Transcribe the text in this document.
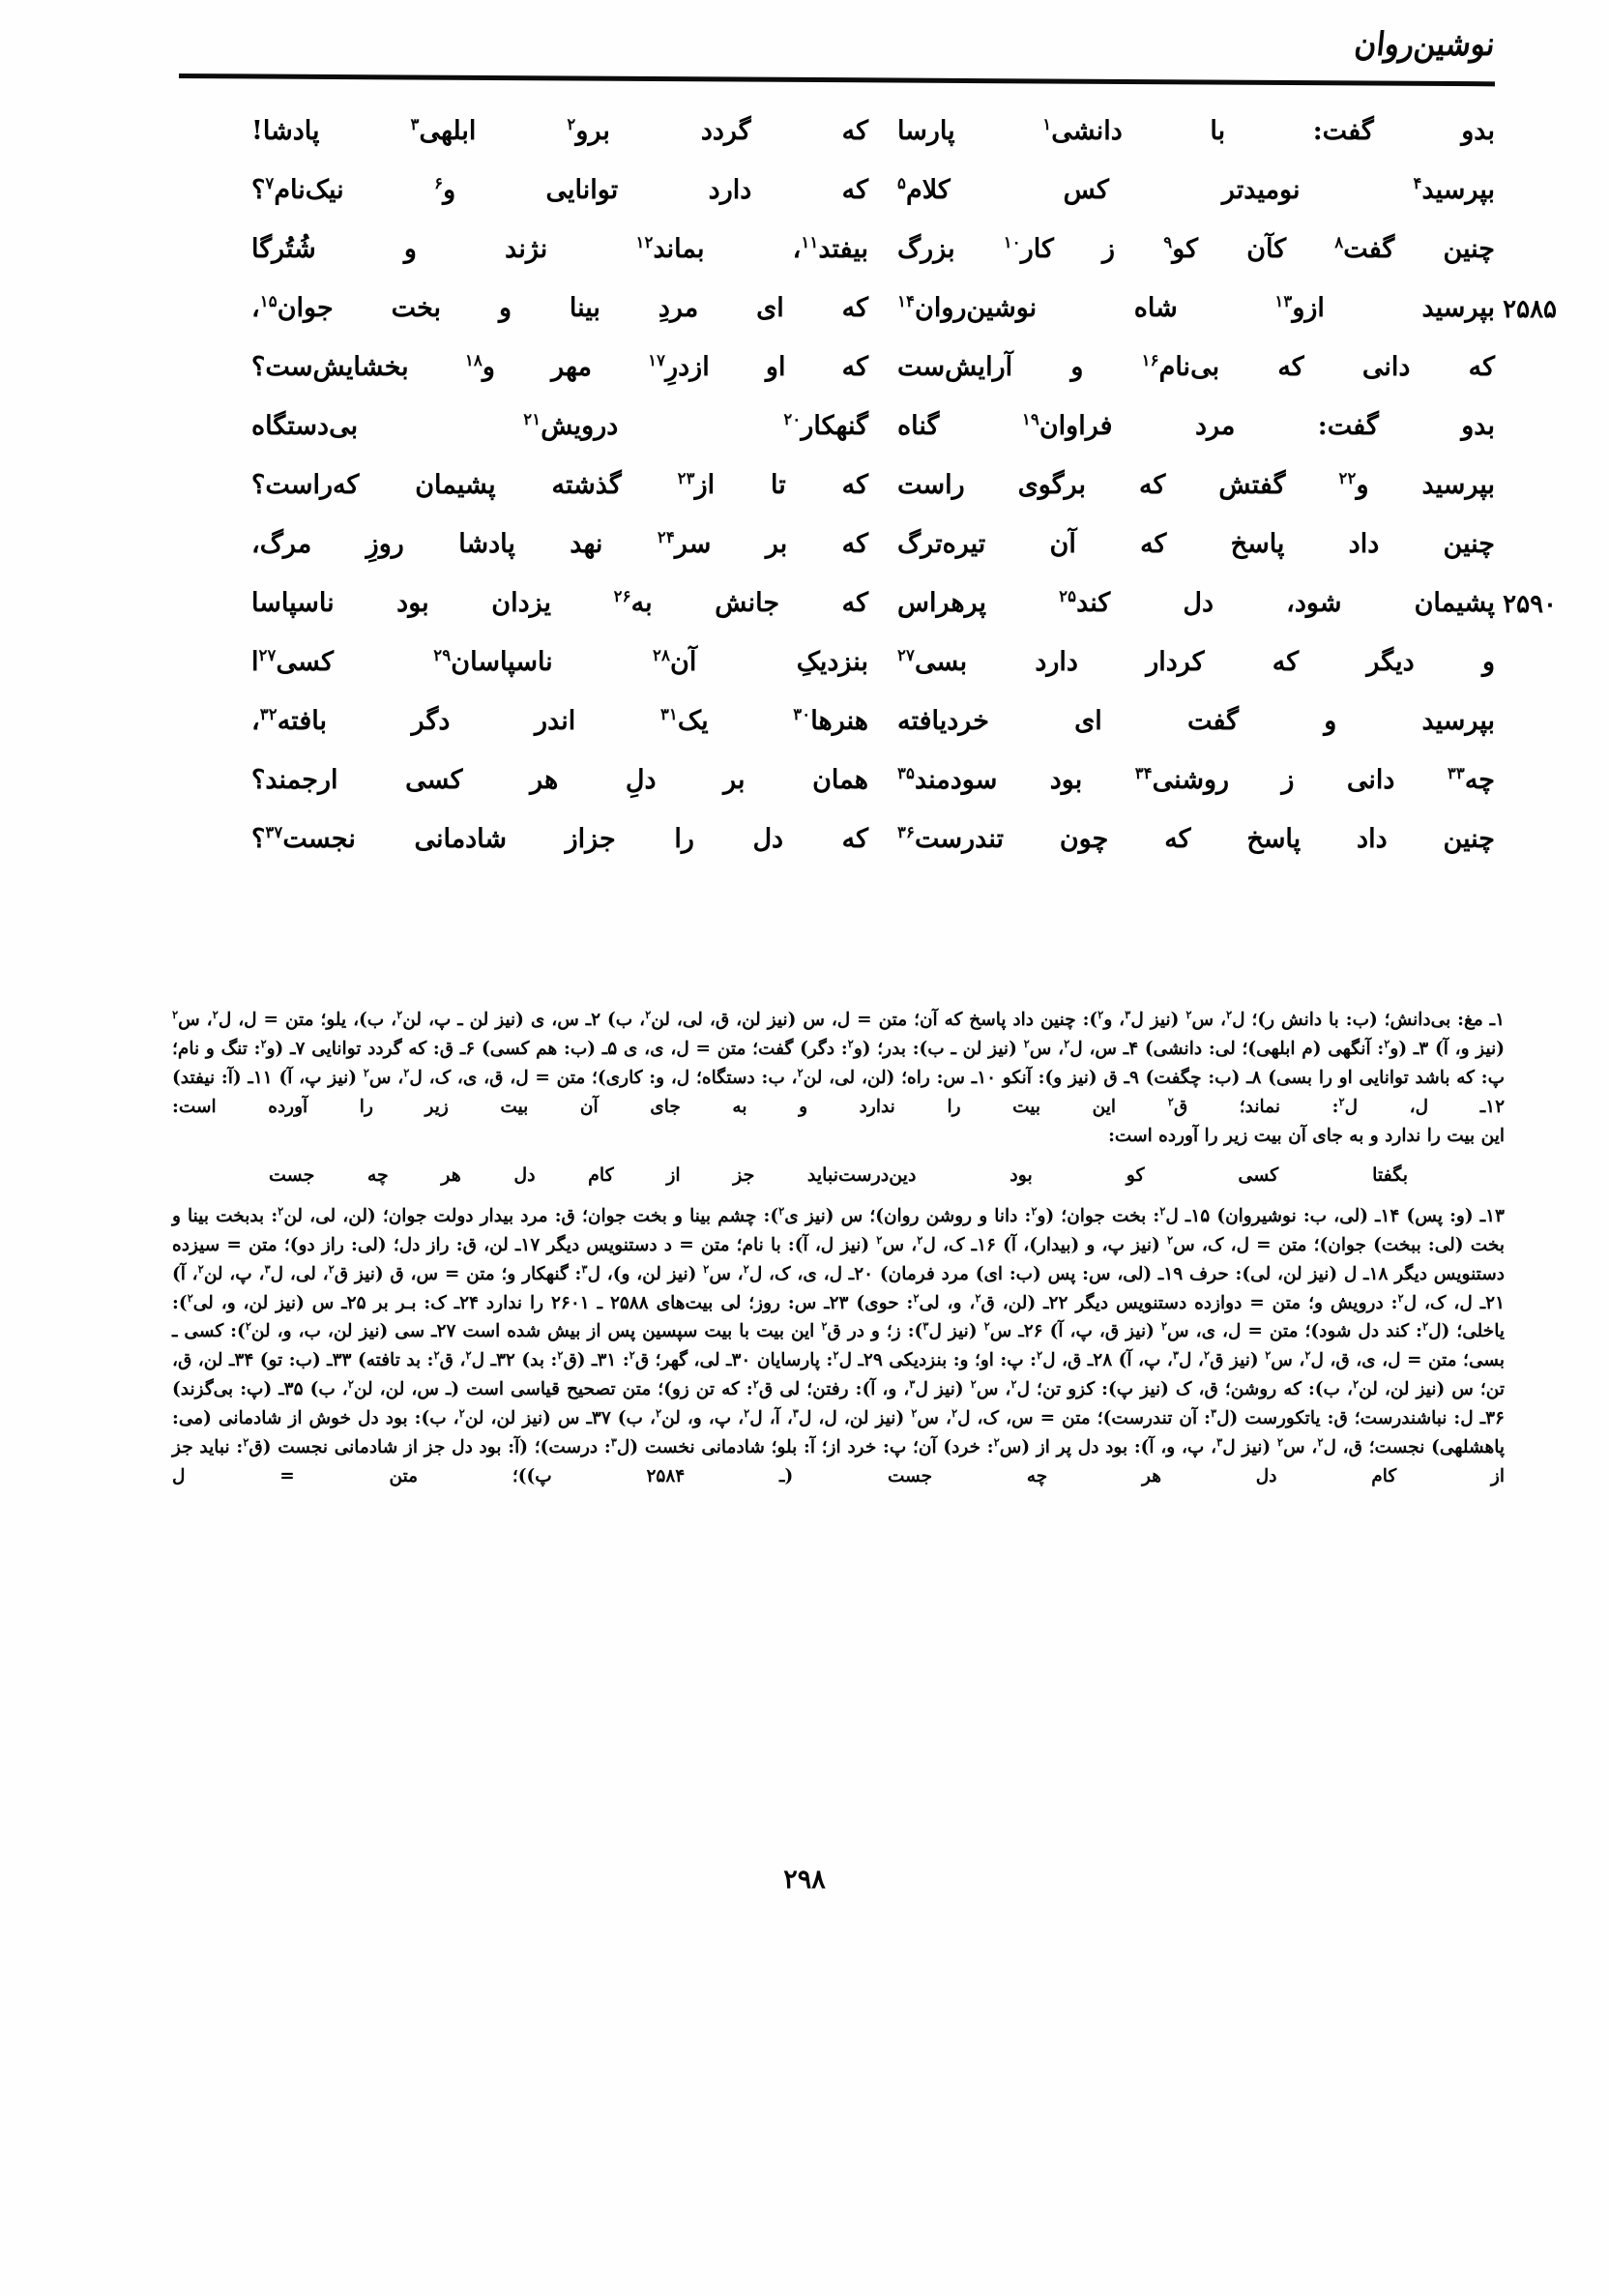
نوشین‌روان
بدو گفت: با دانشی$^۱$ پارسا
که گردد برو$^۲$ ابلهی$^۳$ پادشا!
بپرسید$^۴$ نومیدتر کس کلام$^۵$
که دارد توانایی و$^۶$ نیک‌نام$^۷$؟
چنین گفت$^۸$ کآن کو$^۹$ ز کار$^{۱۰}$ بزرگ
بیفتد$^{۱۱}$، بماند$^{۱۲}$ نژند و شُتُرگا
بپرسید ازو$^{۱۳}$ شاه نوشین‌روان$^{۱۴}$	۲۵۸۵
که ای مردِ بینا و بخت جوان$^{۱۵}$،
که دانی که بی‌نام$^{۱۶}$ و آرایش‌ست
که او ازدرِ$^{۱۷}$ مهر و$^{۱۸}$ بخشایش‌ست؟
بدو گفت: مرد فراوان$^{۱۹}$ گناه
گنهکار$^{۲۰}$ درویش$^{۲۱}$ بی‌دستگاه
بپرسید و$^{۲۲}$ گفتش که برگوی راست
که تا از$^{۲۳}$ گذشته پشیمان که‌راست؟
چنین داد پاسخ که آن تیره‌ترگ
که بر سر$^{۲۴}$ نهد پادشا روزِ مرگ،
پشیمان شود، دل کند$^{۲۵}$ پرهراس	۲۵۹۰
که جانش به$^{۲۶}$ یزدان بود ناسپاسا
و دیگر که کردار دارد بسی$^{۲۷}$
بنزدیکِ آن$^{۲۸}$ ناسپاسان$^{۲۹}$ کسی$^{۲۷}$ا
بپرسید و گفت ای خردیافته
هنرها$^{۳۰}$ یک$^{۳۱}$ اندر دگر بافته$^{۳۲}$،
چه$^{۳۳}$ دانی ز روشنی$^{۳۴}$ بود سودمند$^{۳۵}$
همان بر دلِ هر کسی ارجمند؟
چنین داد پاسخ که چون تندرست$^{۳۶}$
که دل را جزاز شادمانی نجست$^{۳۷}$؟
۱ـ مغ: بی‌دانش؛ (ب: با دانش ر)؛ ل$^۲$، س$^۲$ (نیز ل$^۳$، و$^۲$): چنین داد پاسخ که آن؛ متن = ل، س (نیز لن، ق، لی، لن$^۲$، ب) ۲ـ س، ی (نیز لن ـ پ، لن$^۲$، ب)، یلو؛ متن = ل، ل$^۲$، س$^۲$ (نیز و، آ) ۳ـ (و$^۲$: آنگهی (م ابلهی)؛ لی: دانشی) ۴ـ س، ل$^۲$، س$^۲$ (نیز لن ـ ب): بدر؛ (و$^۲$: دگر) گفت؛ متن = ل، ی، ی ۵ـ (ب: هم کسی) ۶ـ ق: که گردد توانایی ۷ـ (و$^۲$: تنگ و نام؛ پ: که باشد توانایی او را بسی) ۸ـ (ب: چگفت) ۹ـ ق (نیز و): آنکو ۱۰ـ س: راه؛ (لن، لی، لن$^۲$، ب: دستگاه؛ ل، و: کاری)؛ متن = ل، ق، ی، ک، ل$^۲$، س$^۲$ (نیز پ، آ) ۱۱ـ (آ: نیفتد) ۱۲ـ ل، ل$^۲$: نماند؛ ق$^۲$ این بیت را ندارد و به جای آن بیت زیر را آورده است:
این بیت را ندارد و به جای آن بیت زیر را آورده است:
بگفتا کسی کو بود دین‌درست
نباید جز از کام دل هر چه جست
۱۳ـ (و: پس) ۱۴ـ (لی، ب: نوشیروان) ۱۵ـ ل$^۲$: بخت جوان؛ (و$^۲$: دانا و روشن روان)؛ س (نیز ی$^۲$): چشم بینا و بخت جوان؛ ق: مرد بیدار دولت جوان؛ (لن، لی، لن$^۲$: بدبخت بینا و بخت (لی: ببخت) جوان)؛ متن = ل، ک، س$^۲$ (نیز پ، و (بیدار)، آ) ۱۶ـ ک، ل$^۲$، س$^۲$ (نیز ل، آ): با نام؛ متن = د دستنویس دیگر ۱۷ـ لن، ق: راز دل؛ (لی: راز دو)؛ متن = سیزده دستنویس دیگر ۱۸ـ ل (نیز لن، لی): حرف ۱۹ـ (لی، س: پس (ب: ای) مرد فرمان) ۲۰ـ ل، ی، ک، ل$^۲$، س$^۲$ (نیز لن، و)، ل$^۳$: گنهکار و؛ متن = س، ق (نیز ق$^۲$، لی، ل$^۳$، پ، لن$^۲$، آ) ۲۱ـ ل، ک، ل$^۲$: درویش و؛ متن = دوازده دستنویس دیگر ۲۲ـ (لن، ق$^۲$، و، لی$^۲$: حوی) ۲۳ـ س: روز؛ لی بیت‌های ۲۵۸۸ ـ ۲۶۰۱ را ندارد ۲۴ـ ک: بـر بر ۲۵ـ س (نیز لن، و، لی$^۲$): یاخلی؛ (ل$^۲$: کند دل شود)؛ متن = ل، ی، س$^۲$ (نیز ق، پ، آ) ۲۶ـ س$^۲$ (نیز ل$^۳$): ز؛ و در ق$^۲$ این بیت با بیت سپسین پس از بیش شده است ۲۷ـ سی (نیز لن، ب، و، لن$^۲$): کسی ـ بسی؛ متن = ل، ی، ق، ل$^۲$، س$^۲$ (نیز ق$^۲$، ل$^۳$، پ، آ) ۲۸ـ ق، ل$^۲$: پ: او؛ و: بنزدیکی ۲۹ـ ل$^۲$: پارسایان ۳۰ـ لی، گهر؛ ق$^۲$: ۳۱ـ (ق$^۲$: بد) ۳۲ـ ل$^۲$، ق$^۲$: بد تافته) ۳۳ـ (ب: تو) ۳۴ـ لن، ق، تن؛ س (نیز لن، لن$^۲$، ب): که روشن؛ ق، ک (نیز پ): کزو تن؛ ل$^۲$، س$^۲$ (نیز ل$^۳$، و، آ): رفتن؛ لی ق$^۲$: که تن زو)؛ متن تصحیح قیاسی است (ـ س، لن، لن$^۲$، ب) ۳۵ـ (پ: بی‌گزند) ۳۶ـ ل: نباشندرست؛ ق: یاتکورست (ل$^۳$: آن تندرست)؛ متن = س، ک، ل$^۲$، س$^۲$ (نیز لن، ل، ل$^۳$، آ، ل$^۲$، پ، و، لن$^۲$، ب) ۳۷ـ س (نیز لن، لن$^۲$، ب): بود دل خوش از شادمانی (می: پاهشلهی) نجست؛ ق، ل$^۲$، س$^۲$ (نیز ل$^۳$، پ، و، آ): بود دل پر از (س$^۲$: خرد) آن؛ پ: خرد از؛ آ: بلو؛ شادمانی نخست (ل$^۳$: درست)؛ (آ: بود دل جز از شادمانی نجست (ق$^۲$: نباید جز از کام دل هر چه جست (ـ ۲۵۸۴ پ))؛ متن = ل
۲۹۸
